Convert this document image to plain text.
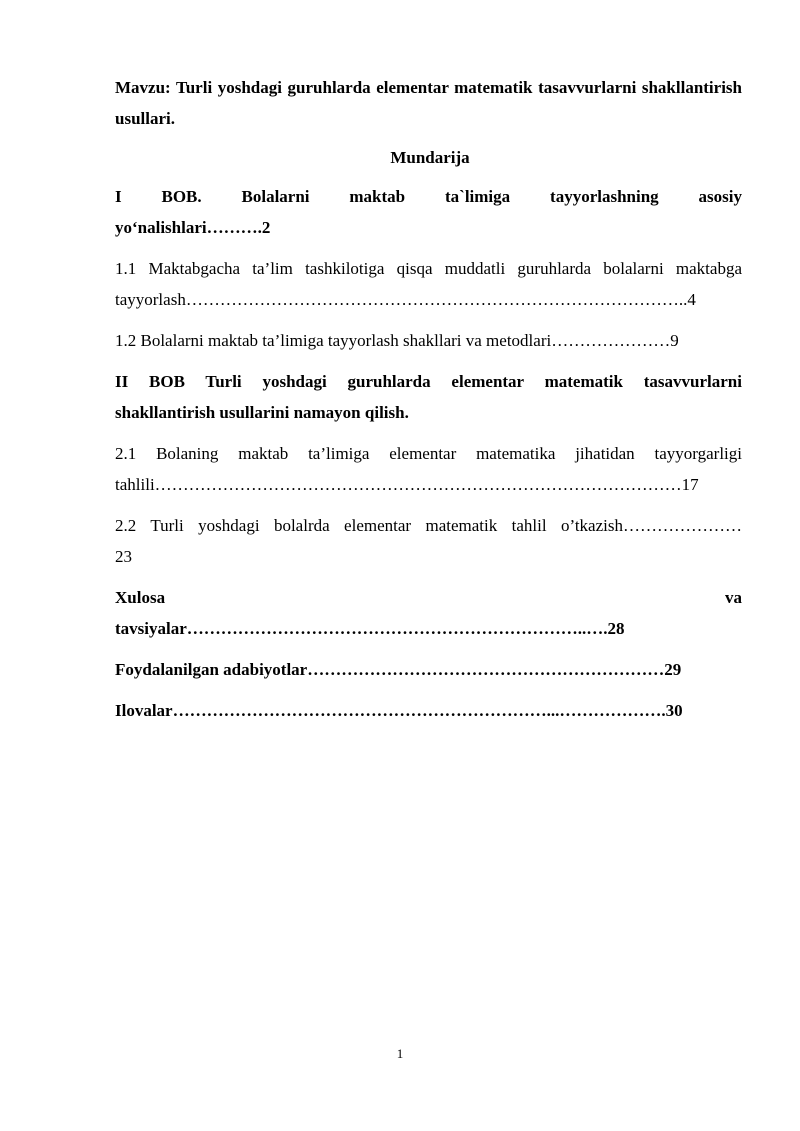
Mavzu: Turli yoshdagi guruhlarda elementar matematik tasavvurlarni shakllantirish usullari.

Mundarija

I BOB. Bolalarni maktab ta`limiga tayyorlashning asosiy

yo‘nalishlari……….2

1.1 Maktabgacha ta’lim tashkilotiga qisqa muddatli guruhlarda bolalarni maktabga

tayyorlash……………………………………………………………………………..4

1.2 Bolalarni maktab ta’limiga tayyorlash shakllari va metodlari…………………9

II BOB Turli yoshdagi guruhlarda elementar matematik tasavvurlarni

shakllantirish usullarini namayon qilish.

2.1 Bolaning maktab ta’limiga elementar matematika jihatidan tayyorgarligi

tahlili…………………………………………………………………………………17

2.2 Turli yoshdagi bolalrda elementar matematik tahlil o’tkazish…………………

23

Xulosa va

tavsiyalar……………………………………………………………..….28

Foydalanilgan adabiyotlar………………………………………………………29

Ilovalar…………………………………………………………...……………….30

1
